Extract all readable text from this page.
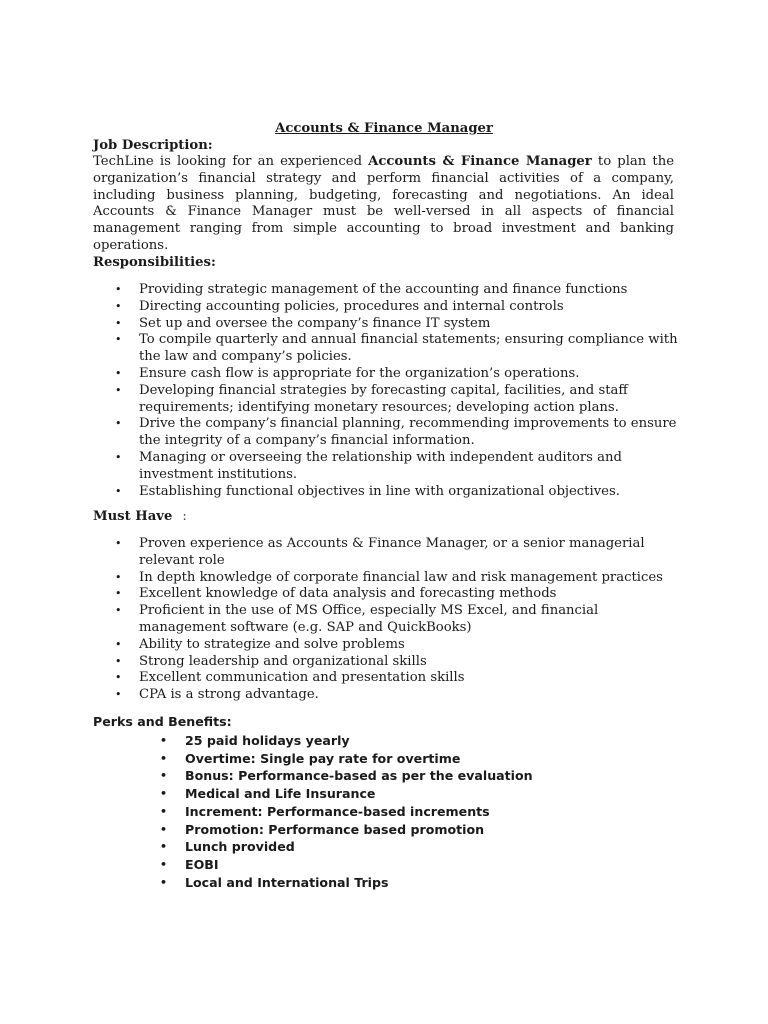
Accounts & Finance Manager
Job Description:

TechLine is looking for an experienced Accounts & Finance Manager to plan the organization’s financial strategy and perform financial activities of a company, including business planning, budgeting, forecasting and negotiations. An ideal Accounts & Finance Manager must be well-versed in all aspects of financial management ranging from simple accounting to broad investment and banking operations.

Responsibilities:
• Providing strategic management of the accounting and finance functions
• Directing accounting policies, procedures and internal controls
• Set up and oversee the company’s finance IT system
• To compile quarterly and annual financial statements; ensuring compliance with the law and company’s policies.
• Ensure cash flow is appropriate for the organization’s operations.
• Developing financial strategies by forecasting capital, facilities, and staff requirements; identifying monetary resources; developing action plans.
• Drive the company’s financial planning, recommending improvements to ensure the integrity of a company’s financial information.
• Managing or overseeing the relationship with independent auditors and investment institutions.
• Establishing functional objectives in line with organizational objectives.
Must Have :
• Proven experience as Accounts & Finance Manager, or a senior managerial relevant role
• In depth knowledge of corporate financial law and risk management practices
• Excellent knowledge of data analysis and forecasting methods
• Proficient in the use of MS Office, especially MS Excel, and financial management software (e.g. SAP and QuickBooks)
• Ability to strategize and solve problems
• Strong leadership and organizational skills
• Excellent communication and presentation skills
• CPA is a strong advantage.
Perks and Benefits:
• 25 paid holidays yearly
• Overtime: Single pay rate for overtime
• Bonus: Performance-based as per the evaluation
• Medical and Life Insurance
• Increment: Performance-based increments
• Promotion: Performance based promotion
• Lunch provided
• EOBI
• Local and International Trips
